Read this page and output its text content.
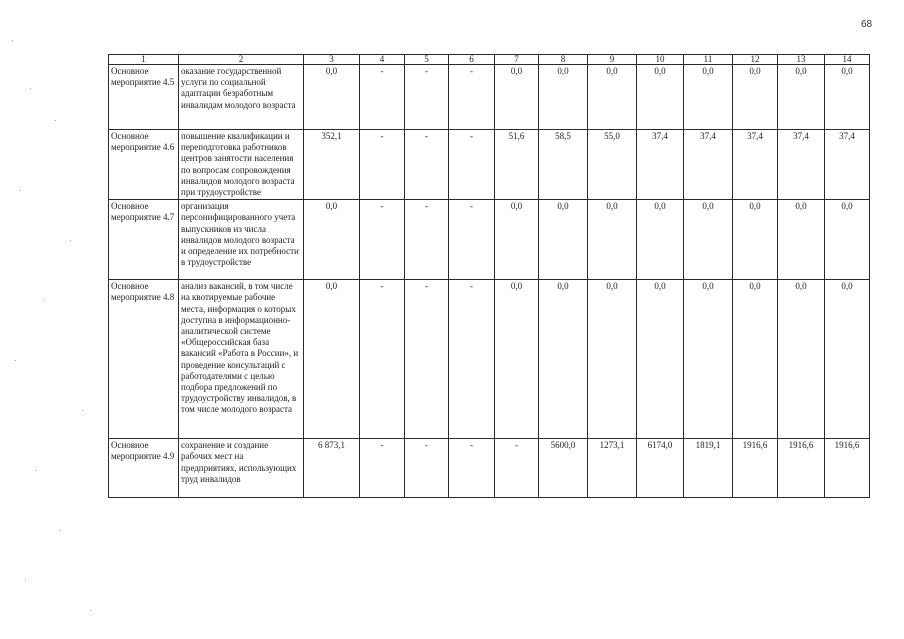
68
1	2	3	4	5	6	7	8	9	10	11	12	13	14
Основное мероприятие 4.5	оказание государственной услуги по социальной адаптации безработным инвалидам молодого возраста	0,0	-	-	-	0,0	0,0	0,0	0,0	0,0	0,0	0,0	0,0
Основное мероприятие 4.6	повышение квалификации и переподготовка работников центров занятости населения по вопросам сопровождения инвалидов молодого возраста при трудоустройстве	352,1	-	-	-	51,6	58,5	55,0	37,4	37,4	37,4	37,4	37,4
Основное мероприятие 4.7	организация персонифицированного учета выпускников из числа инвалидов молодого возраста и определение их потребности в трудоустройстве	0,0	-	-	-	0,0	0,0	0,0	0,0	0,0	0,0	0,0	0,0
Основное мероприятие 4.8	анализ вакансий, в том числе на квотируемые рабочие места, информация о которых доступна в информационно-аналитической системе «Общероссийская база вакансий «Работа в России», и проведение консультаций с работодателями с целью подбора предложений по трудоустройству инвалидов, в том числе молодого возраста	0,0	-	-	-	0,0	0,0	0,0	0,0	0,0	0,0	0,0	0,0
Основное мероприятие 4.9	сохранение и создание рабочих мест на предприятиях, использующих труд инвалидов	6 873,1	-	-	-	-	5600,0	1273,1	6174,0	1819,1	1916,6	1916,6	1916,6
